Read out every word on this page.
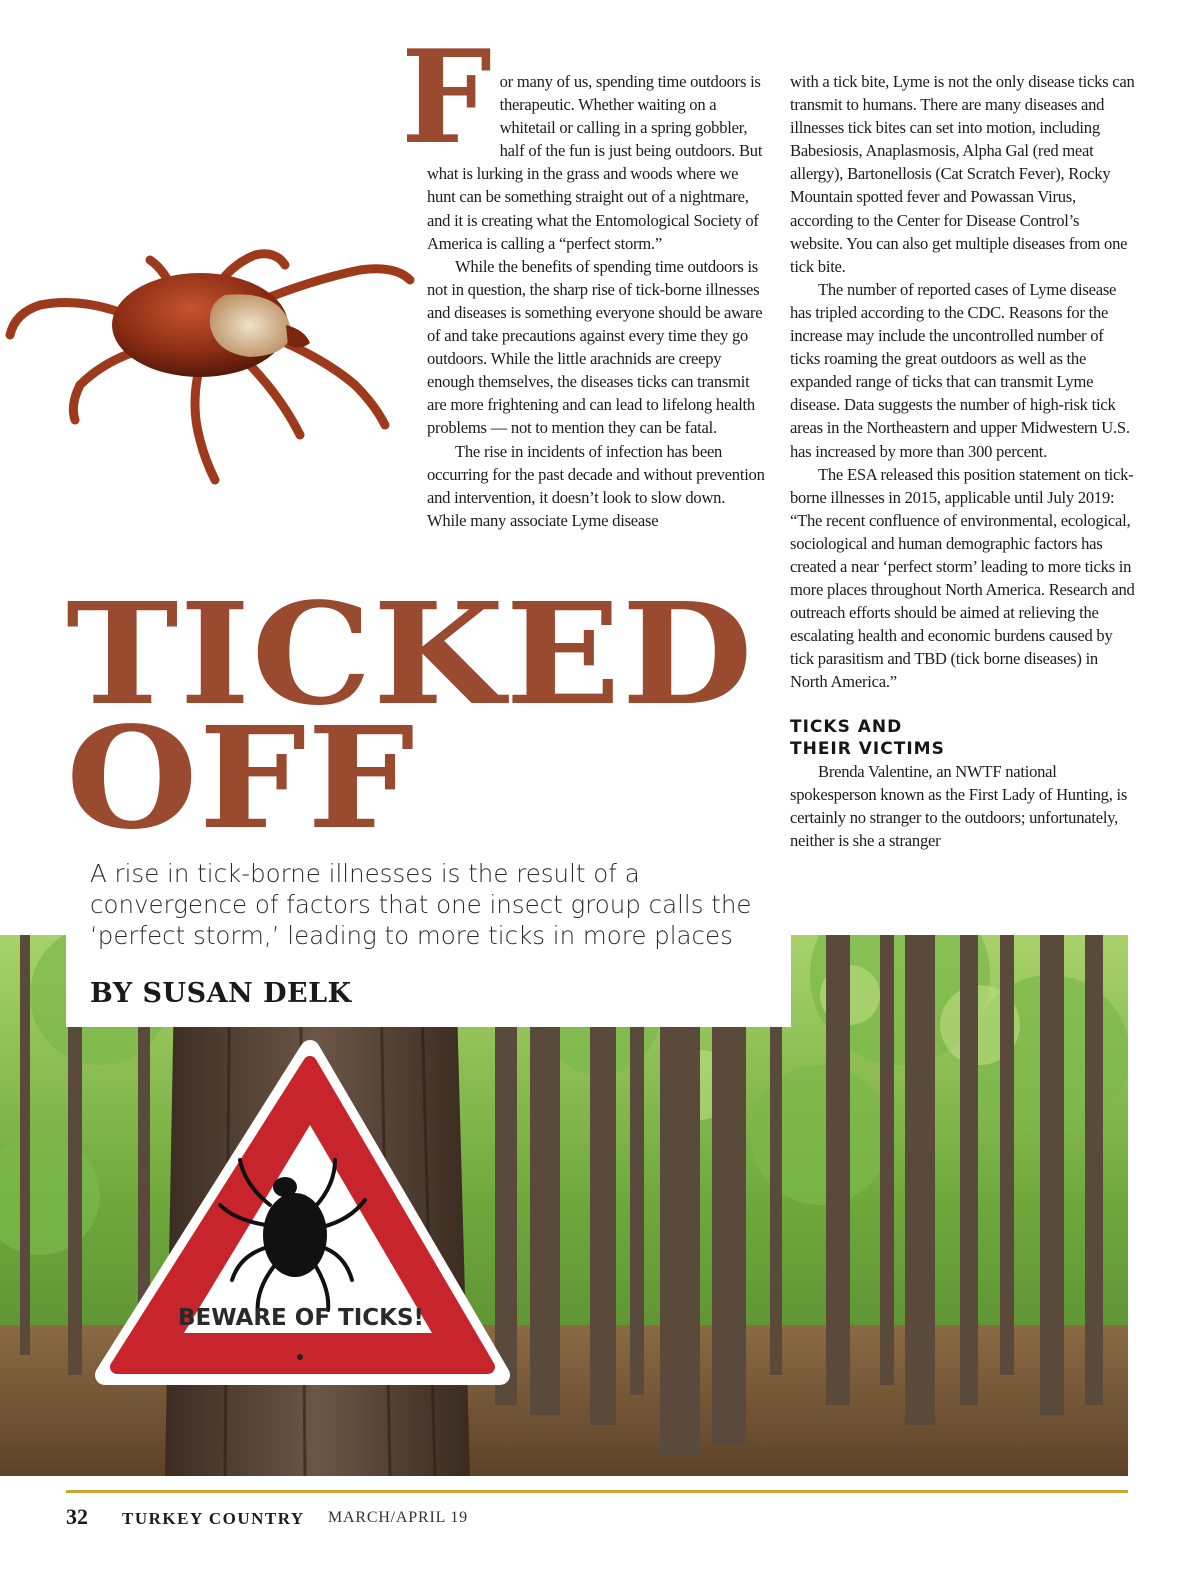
F or many of us, spending time outdoors is therapeutic. Whether waiting on a whitetail or calling in a spring gobbler, half of the fun is just being outdoors. But what is lurking in the grass and woods where we hunt can be something straight out of a nightmare, and it is creating what the Entomological Society of America is calling a “perfect storm.”

While the benefits of spending time outdoors is not in question, the sharp rise of tick-borne illnesses and diseases is something everyone should be aware of and take precautions against every time they go outdoors. While the little arachnids are creepy enough themselves, the diseases ticks can transmit are more frightening and can lead to lifelong health problems — not to mention they can be fatal.

The rise in incidents of infection has been occurring for the past decade and without prevention and intervention, it doesn’t look to slow down. While many associate Lyme disease

with a tick bite, Lyme is not the only disease ticks can transmit to humans. There are many diseases and illnesses tick bites can set into motion, including Babesiosis, Anaplasmosis, Alpha Gal (red meat allergy), Bartonellosis (Cat Scratch Fever), Rocky Mountain spotted fever and Powassan Virus, according to the Center for Disease Control’s website. You can also get multiple diseases from one tick bite.

The number of reported cases of Lyme disease has tripled according to the CDC. Reasons for the increase may include the uncontrolled number of ticks roaming the great outdoors as well as the expanded range of ticks that can transmit Lyme disease. Data suggests the number of high-risk tick areas in the Northeastern and upper Midwestern U.S. has increased by more than 300 percent.

The ESA released this position statement on tick-borne illnesses in 2015, applicable until July 2019: “The recent confluence of environmental, ecological, sociological and human demographic factors has created a near ‘perfect storm’ leading to more ticks in more places throughout North America. Research and outreach efforts should be aimed at relieving the escalating health and economic burdens caused by tick parasitism and TBD (tick borne diseases) in North America.”

TICKS AND
THEIR VICTIMS

Brenda Valentine, an NWTF national spokesperson known as the First Lady of Hunting, is certainly no stranger to the outdoors; unfortunately, neither is she a stranger

TICKED
OFF
BEWARE OF TICKS!
A rise in tick-borne illnesses is the result of a convergence of factors that one insect group calls the ‘perfect storm,’ leading to more ticks in more places
BY SUSAN DELK
32 TURKEY COUNTRY MARCH/APRIL 19
